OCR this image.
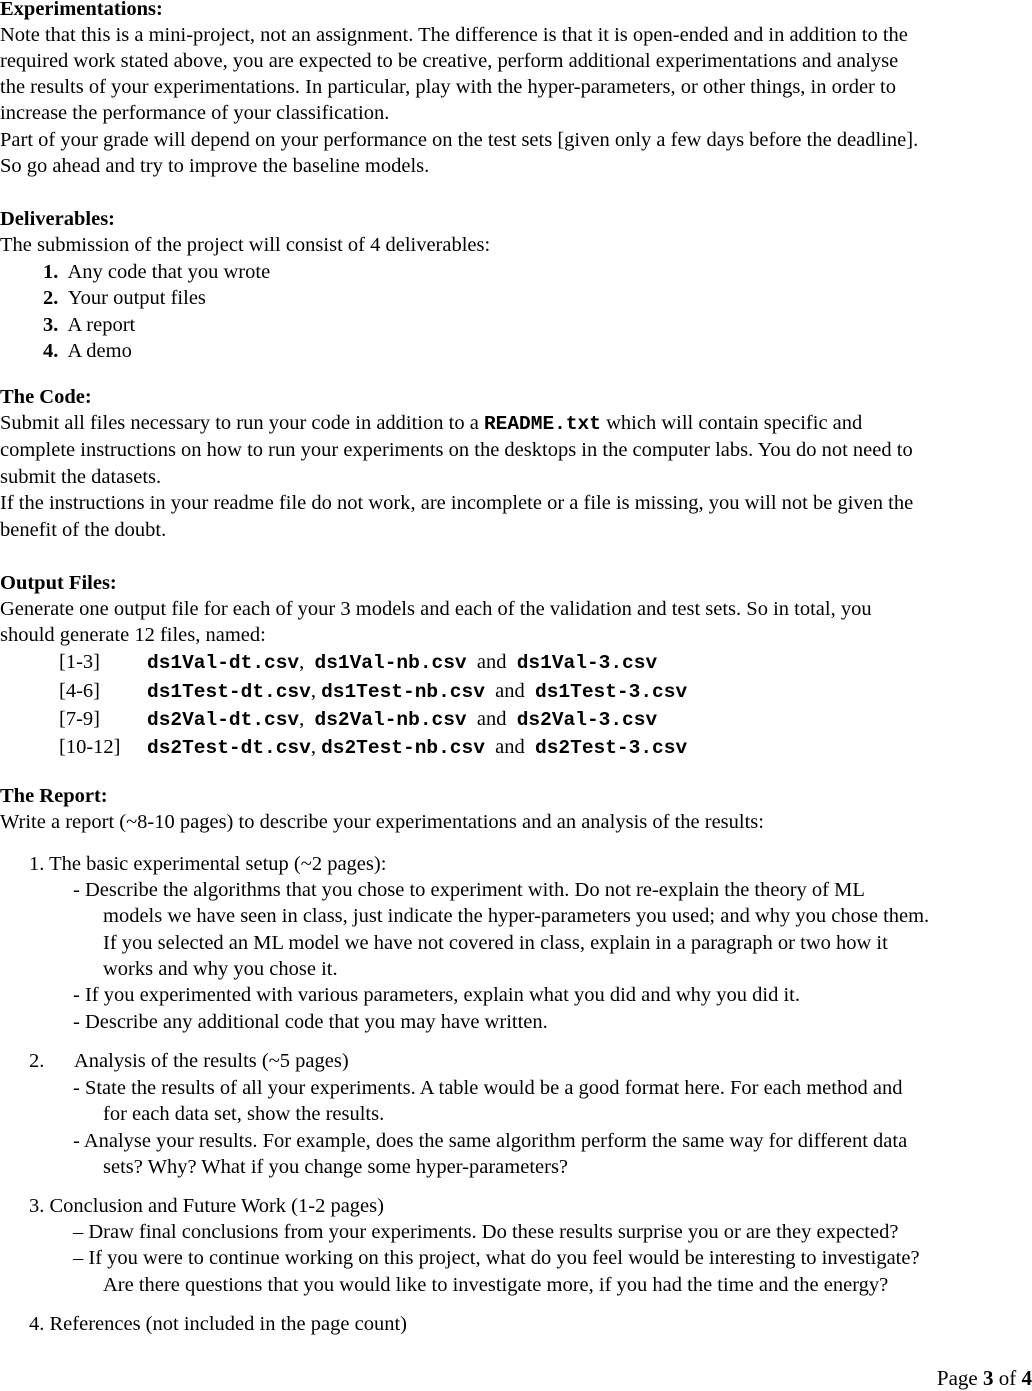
Experimentations:
Note that this is a mini-project, not an assignment. The difference is that it is open-ended and in addition to the
required work stated above, you are expected to be creative, perform additional experimentations and analyse
the results of your experimentations. In particular, play with the hyper-parameters, or other things, in order to
increase the performance of your classification.
Part of your grade will depend on your performance on the test sets [given only a few days before the deadline].
So go ahead and try to improve the baseline models.
Deliverables:
The submission of the project will consist of 4 deliverables:
1. Any code that you wrote
2. Your output files
3. A report
4. A demo
The Code:
Submit all files necessary to run your code in addition to a README.txt which will contain specific and
complete instructions on how to run your experiments on the desktops in the computer labs. You do not need to
submit the datasets.
If the instructions in your readme file do not work, are incomplete or a file is missing, you will not be given the
benefit of the doubt.
Output Files:
Generate one output file for each of your 3 models and each of the validation and test sets. So in total, you
should generate 12 files, named:
[1-3] ds1Val-dt.csv,  ds1Val-nb.csv and ds1Val-3.csv
[4-6] ds1Test-dt.csv, ds1Test-nb.csv and ds1Test-3.csv
[7-9] ds2Val-dt.csv,  ds2Val-nb.csv and ds2Val-3.csv
[10-12] ds2Test-dt.csv, ds2Test-nb.csv and ds2Test-3.csv
The Report:
Write a report (~8-10 pages) to describe your experimentations and an analysis of the results:
1. The basic experimental setup (~2 pages):
- Describe the algorithms that you chose to experiment with. Do not re-explain the theory of ML
models we have seen in class, just indicate the hyper-parameters you used; and why you chose them.
If you selected an ML model we have not covered in class, explain in a paragraph or two how it
works and why you chose it.
- If you experimented with various parameters, explain what you did and why you did it.
- Describe any additional code that you may have written.
2. Analysis of the results (~5 pages)
- State the results of all your experiments. A table would be a good format here. For each method and
for each data set, show the results.
- Analyse your results. For example, does the same algorithm perform the same way for different data
sets? Why? What if you change some hyper-parameters?
3. Conclusion and Future Work (1-2 pages)
– Draw final conclusions from your experiments. Do these results surprise you or are they expected?
– If you were to continue working on this project, what do you feel would be interesting to investigate?
Are there questions that you would like to investigate more, if you had the time and the energy?
4. References (not included in the page count)
Page 3 of 4
